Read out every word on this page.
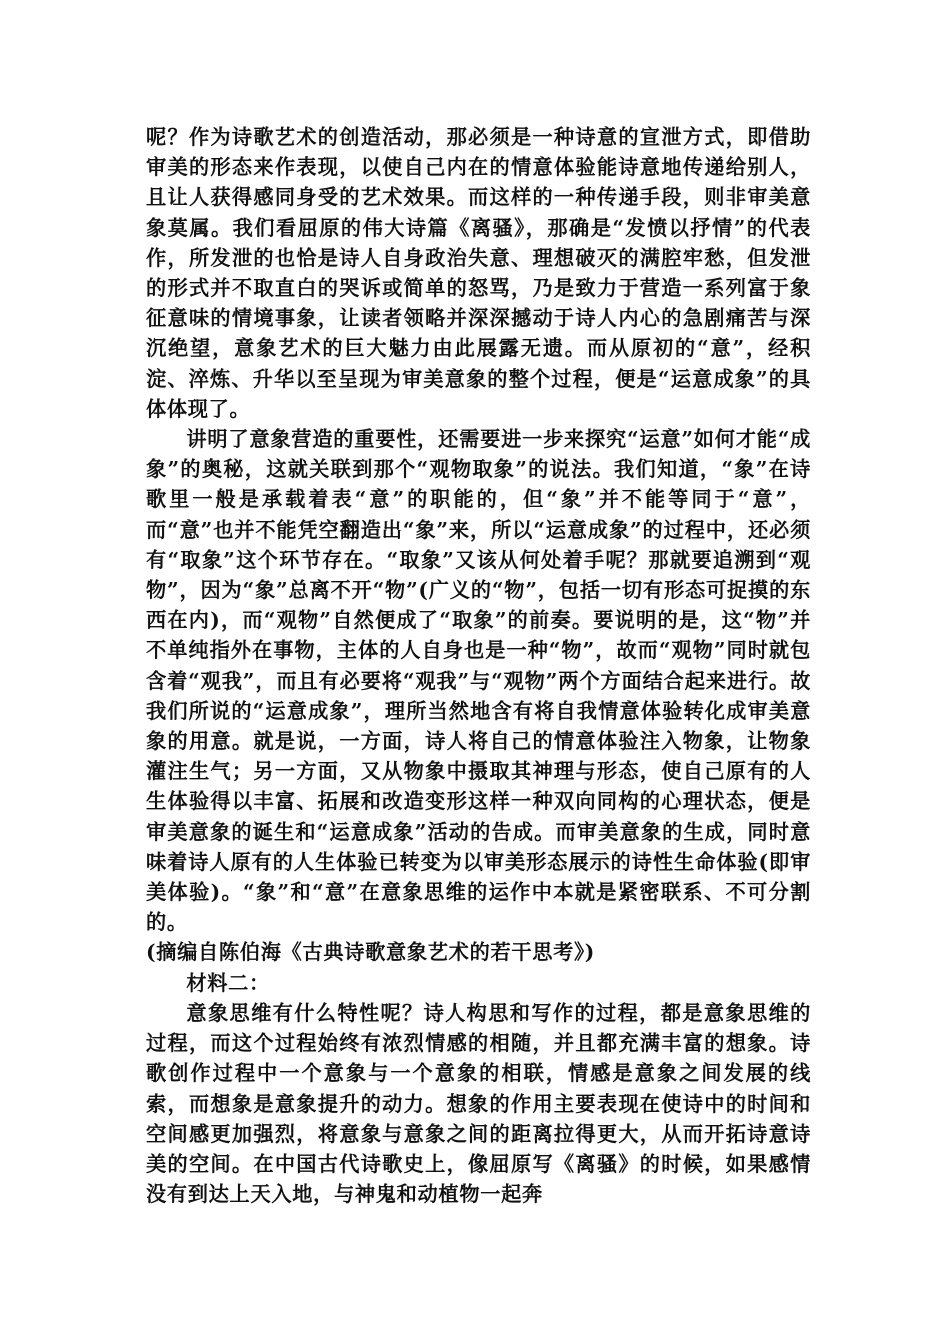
呢？作为诗歌艺术的创造活动，那必须是一种诗意的宣泄方式，即借助审美的形态来作表现，以使自己内在的情意体验能诗意地传递给别人，且让人获得感同身受的艺术效果。而这样的一种传递手段，则非审美意象莫属。我们看屈原的伟大诗篇《离骚》，那确是“发愤以抒情”的代表作，所发泄的也恰是诗人自身政治失意、理想破灭的满腔牢愁，但发泄的形式并不取直白的哭诉或简单的怒骂，乃是致力于营造一系列富于象征意味的情境事象，让读者领略并深深撼动于诗人内心的急剧痛苦与深沉绝望，意象艺术的巨大魅力由此展露无遗。而从原初的“意”，经积淀、淬炼、升华以至呈现为审美意象的整个过程，便是“运意成象”的具体体现了。

讲明了意象营造的重要性，还需要进一步来探究“运意”如何才能“成象”的奥秘，这就关联到那个“观物取象”的说法。我们知道，“象”在诗歌里一般是承载着表“意”的职能的，但“象”并不能等同于“意”，而“意”也并不能凭空翻造出“象”来，所以“运意成象”的过程中，还必须有“取象”这个环节存在。“取象”又该从何处着手呢？那就要追溯到“观物”，因为“象”总离不开“物”(广义的“物”，包括一切有形态可捉摸的东西在内)，而“观物”自然便成了“取象”的前奏。要说明的是，这“物”并不单纯指外在事物，主体的人自身也是一种“物”，故而“观物”同时就包含着“观我”，而且有必要将“观我”与“观物”两个方面结合起来进行。故我们所说的“运意成象”，理所当然地含有将自我情意体验转化成审美意象的用意。就是说，一方面，诗人将自己的情意体验注入物象，让物象灌注生气；另一方面，又从物象中摄取其神理与形态，使自己原有的人生体验得以丰富、拓展和改造变形这样一种双向同构的心理状态，便是审美意象的诞生和“运意成象”活动的告成。而审美意象的生成，同时意味着诗人原有的人生体验已转变为以审美形态展示的诗性生命体验(即审美体验)。“象”和“意”在意象思维的运作中本就是紧密联系、不可分割的。

(摘编自陈伯海《古典诗歌意象艺术的若干思考》)

材料二：

意象思维有什么特性呢？诗人构思和写作的过程，都是意象思维的过程，而这个过程始终有浓烈情感的相随，并且都充满丰富的想象。诗歌创作过程中一个意象与一个意象的相联，情感是意象之间发展的线索，而想象是意象提升的动力。想象的作用主要表现在使诗中的时间和空间感更加强烈，将意象与意象之间的距离拉得更大，从而开拓诗意诗美的空间。在中国古代诗歌史上，像屈原写《离骚》的时候，如果感情没有到达上天入地，与神鬼和动植物一起奔
